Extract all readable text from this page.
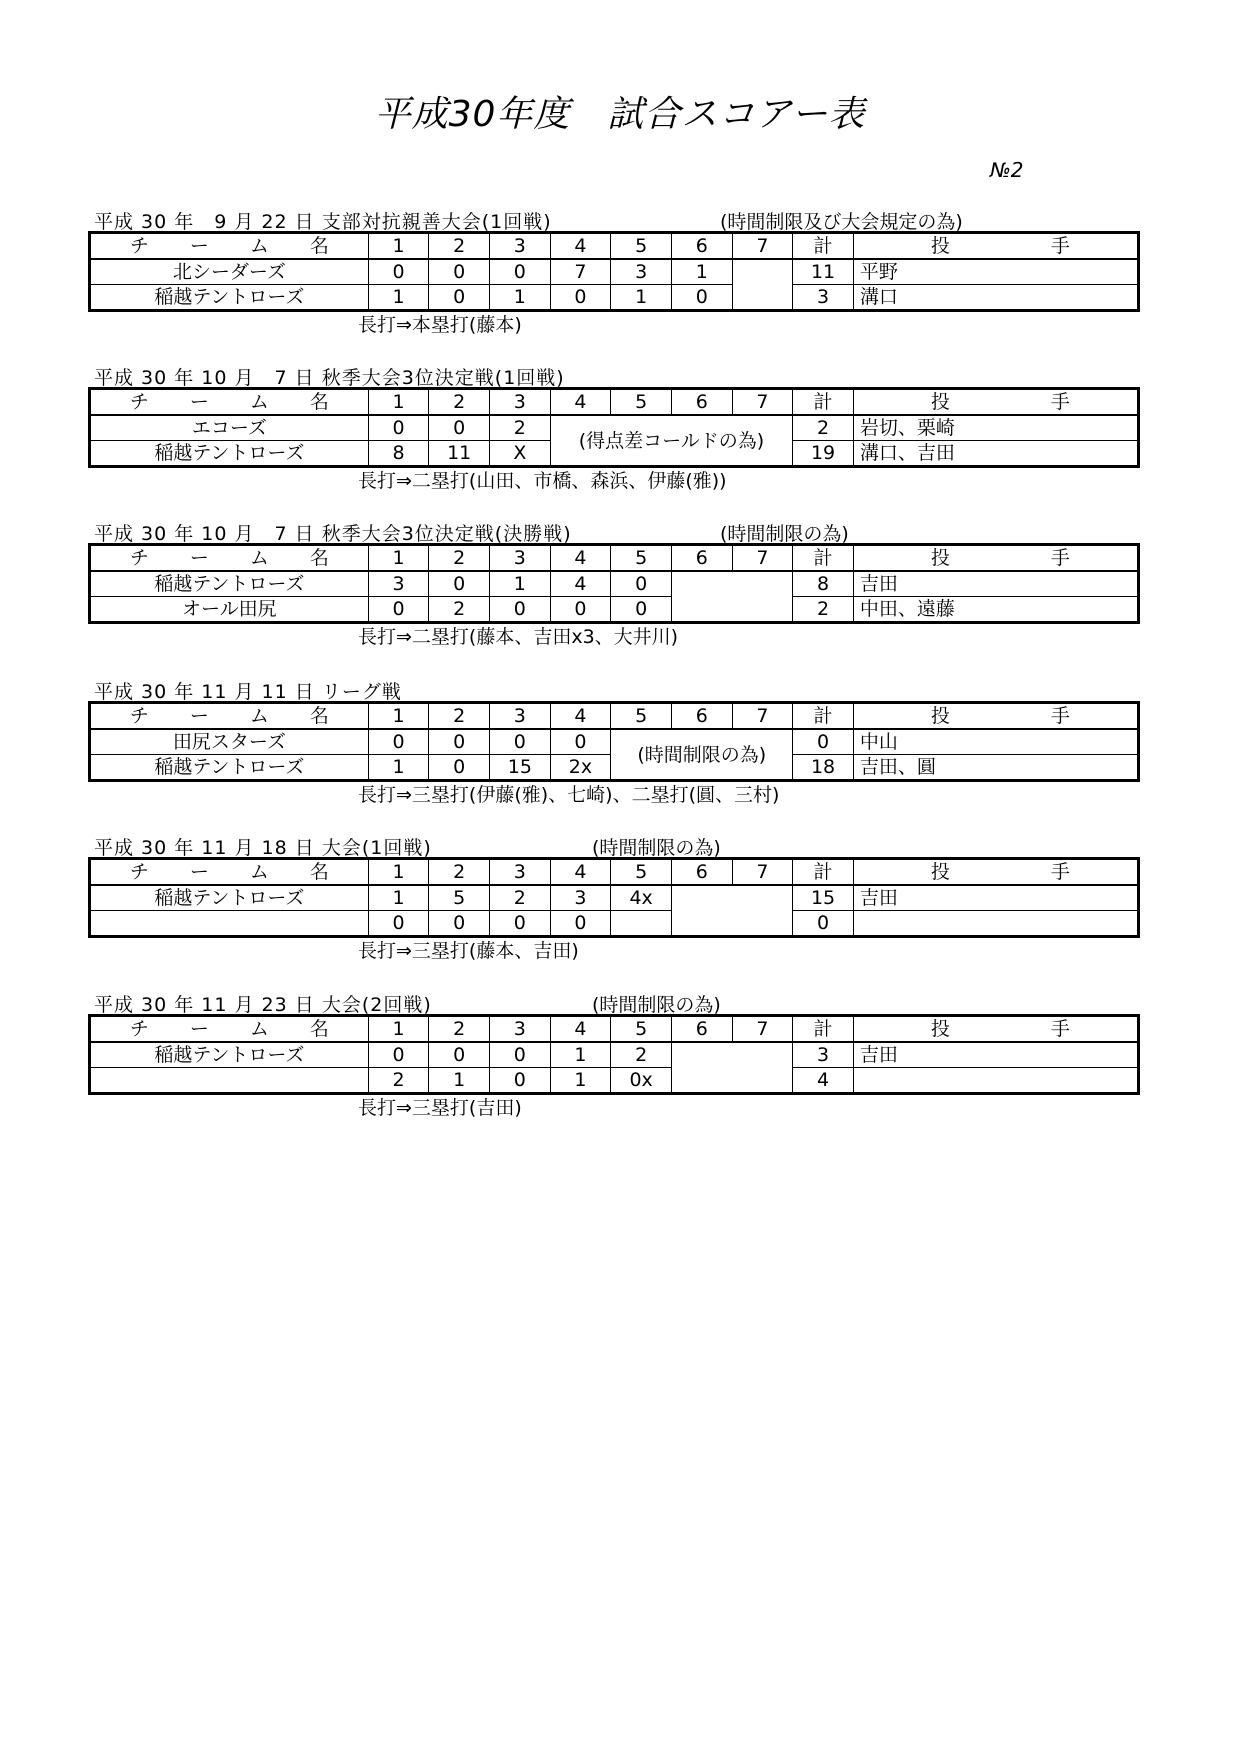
平成30年度　試合スコアー表
№2
平成 30 年　9 月 22 日 支部対抗親善大会(1回戦)	(時間制限及び大会規定の為)
チ ー ム 名	1	2	3	4	5	6	7	計	投 手
北シーダーズ	0	0	0	7	3	1		11	平野
稲越テントローズ	1	0	1	0	1	0		3	溝口
長打⇒本塁打(藤本)
平成 30 年 10 月　7 日 秋季大会3位決定戦(1回戦)
チ ー ム 名	1	2	3	4	5	6	7	計	投 手
エコーズ	0	0	2	(得点差コールドの為)				2	岩切、栗崎
稲越テントローズ	8	11	X					19	溝口、吉田
長打⇒二塁打(山田、市橋、森浜、伊藤(雅))
平成 30 年 10 月　7 日 秋季大会3位決定戦(決勝戦)	(時間制限の為)
チ ー ム 名	1	2	3	4	5	6	7	計	投 手
稲越テントローズ	3	0	1	4	0			8	吉田
オール田尻	0	2	0	0	0			2	中田、遠藤
長打⇒二塁打(藤本、吉田x3、大井川)
平成 30 年 11 月 11 日 リーグ戦
チ ー ム 名	1	2	3	4	5	6	7	計	投 手
田尻スターズ	0	0	0	0	(時間制限の為)			0	中山
稲越テントローズ	1	0	15	2x				18	吉田、圓
長打⇒三塁打(伊藤(雅)、七崎)、二塁打(圓、三村)
平成 30 年 11 月 18 日 大会(1回戦)	(時間制限の為)
チ ー ム 名	1	2	3	4	5	6	7	計	投 手
稲越テントローズ	1	5	2	3	4x			15	吉田
	0	0	0	0				0	
長打⇒三塁打(藤本、吉田)
平成 30 年 11 月 23 日 大会(2回戦)	(時間制限の為)
チ ー ム 名	1	2	3	4	5	6	7	計	投 手
稲越テントローズ	0	0	0	1	2			3	吉田
	2	1	0	1	0x			4	
長打⇒三塁打(吉田)
